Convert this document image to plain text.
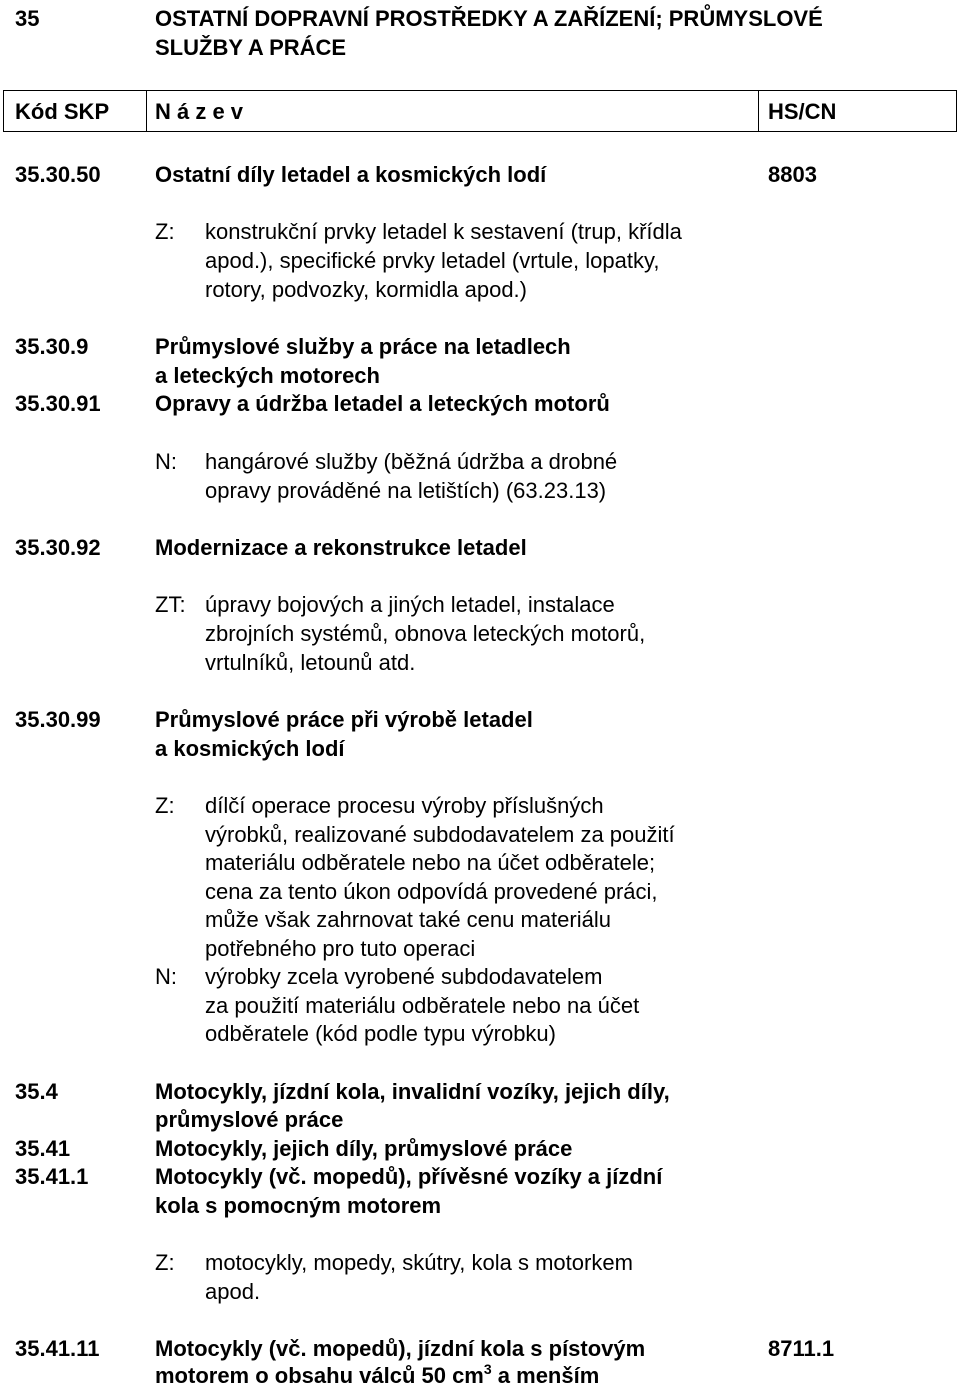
35	OSTATNÍ DOPRAVNÍ PROSTŘEDKY A ZAŘÍZENÍ; PRŮMYSLOVÉ
SLUŽBY A PRÁCE
Kód SKP N á z e v	HS/CN
35.30.50 Ostatní díly letadel a kosmických lodí	8803
Z: konstrukční prvky letadel k sestavení (trup, křídla
apod.), specifické prvky letadel (vrtule, lopatky,
rotory, podvozky, kormidla apod.)
35.30.9	Průmyslové služby a práce na letadlech
a leteckých motorech
35.30.91 Opravy a údržba letadel a leteckých motorů
N: hangárové služby (běžná údržba a drobné
opravy prováděné na letištích) (63.23.13)
35.30.92 Modernizace a rekonstrukce letadel
ZT: úpravy bojových a jiných letadel, instalace
zbrojních systémů, obnova leteckých motorů,
vrtulníků, letounů atd.
35.30.99 Průmyslové práce při výrobě letadel
a kosmických lodí
Z: dílčí operace procesu výroby příslušných
výrobků, realizované subdodavatelem za použití
materiálu odběratele nebo na účet odběratele;
cena za tento úkon odpovídá provedené práci,
může však zahrnovat také cenu materiálu
potřebného pro tuto operaci
N: výrobky zcela vyrobené subdodavatelem
za použití materiálu odběratele nebo na účet
odběratele (kód podle typu výrobku)
35.4	Motocykly, jízdní kola, invalidní vozíky, jejich díly,
průmyslové práce
35.41	Motocykly, jejich díly, průmyslové práce
35.41.1	Motocykly (vč. mopedů), přívěsné vozíky a jízdní
kola s pomocným motorem
Z: motocykly, mopedy, skútry, kola s motorkem
apod.
35.41.11	Motocykly (vč. mopedů), jízdní kola s pístovým	8711.1
motorem o obsahu válců 50 $cm^3$ a menším
